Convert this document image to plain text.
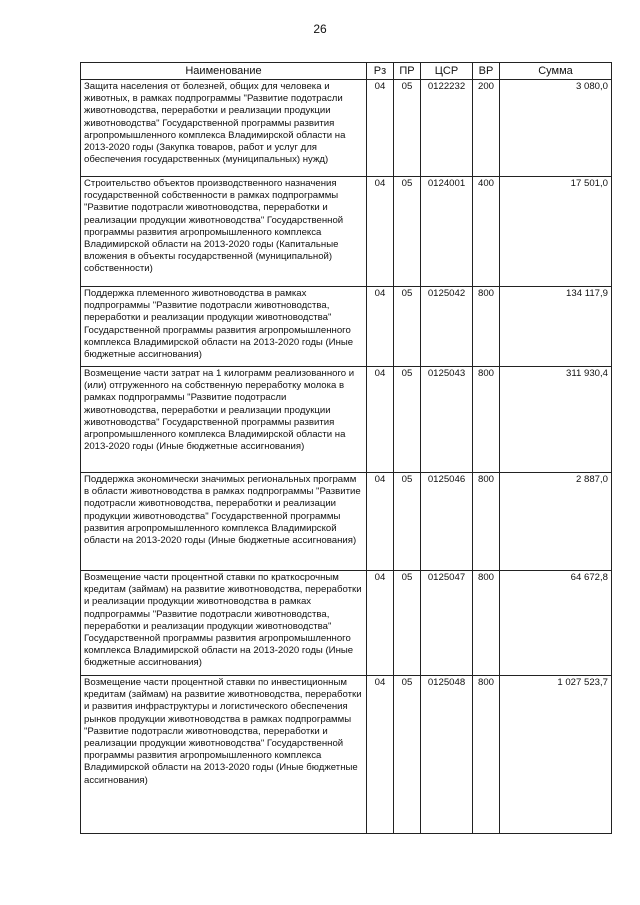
26
Наименование	Рз	ПР	ЦСР	ВР	Сумма
Защита населения от болезней, общих для человека и животных, в рамках подпрограммы "Развитие подотрасли животноводства, переработки и реализации продукции животноводства" Государственной программы развития агропромышленного комплекса Владимирской области на 2013-2020 годы (Закупка товаров, работ и услуг для обеспечения государственных (муниципальных) нужд)	04	05	0122232	200	3 080,0
Строительство объектов производственного назначения государственной собственности в рамках подпрограммы "Развитие подотрасли животноводства, переработки и реализации продукции животноводства" Государственной программы развития агропромышленного комплекса Владимирской области на 2013-2020 годы (Капитальные вложения в объекты государственной (муниципальной) собственности)	04	05	0124001	400	17 501,0
Поддержка племенного животноводства в рамках подпрограммы "Развитие подотрасли животноводства, переработки и реализации продукции животноводства" Государственной программы развития агропромышленного комплекса Владимирской области на 2013-2020 годы (Иные бюджетные ассигнования)	04	05	0125042	800	134 117,9
Возмещение части затрат на 1 килограмм реализованного и (или) отгруженного на собственную переработку молока в рамках подпрограммы "Развитие подотрасли животноводства, переработки и реализации продукции животноводства" Государственной программы развития агропромышленного комплекса Владимирской области на 2013-2020 годы (Иные бюджетные ассигнования)	04	05	0125043	800	311 930,4
Поддержка экономически значимых региональных программ в области животноводства в рамках подпрограммы "Развитие подотрасли животноводства, переработки и реализации продукции животноводства" Государственной программы развития агропромышленного комплекса Владимирской области на 2013-2020 годы (Иные бюджетные ассигнования)	04	05	0125046	800	2 887,0
Возмещение части процентной ставки по краткосрочным кредитам (займам) на развитие животноводства, переработки и реализации продукции животноводства в рамках подпрограммы "Развитие подотрасли животноводства, переработки и реализации продукции животноводства" Государственной программы развития агропромышленного комплекса Владимирской области на 2013-2020 годы (Иные бюджетные ассигнования)	04	05	0125047	800	64 672,8
Возмещение части процентной ставки по инвестиционным кредитам (займам) на развитие животноводства, переработки и развития инфраструктуры и логистического обеспечения рынков продукции животноводства в рамках подпрограммы "Развитие подотрасли животноводства, переработки и реализации продукции животноводства" Государственной программы развития агропромышленного комплекса Владимирской области на 2013-2020 годы (Иные бюджетные ассигнования)	04	05	0125048	800	1 027 523,7
